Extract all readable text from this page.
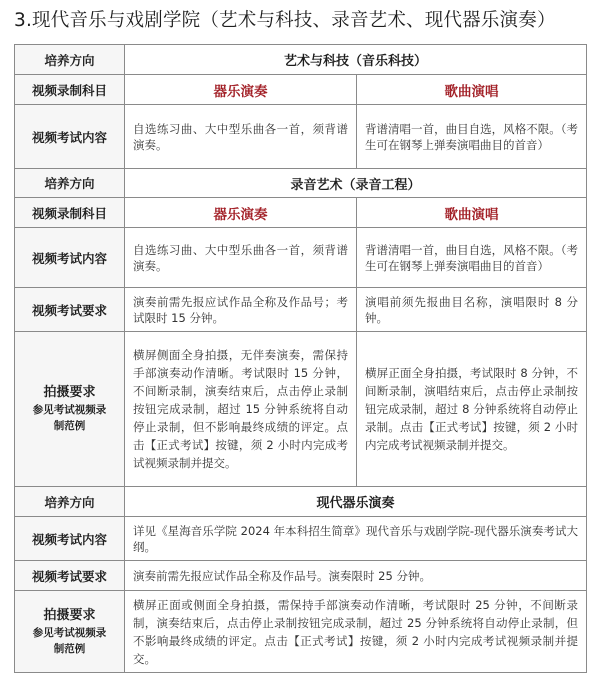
3.现代音乐与戏剧学院（艺术与科技、录音艺术、现代器乐演奏）
培养方向	艺术与科技（音乐科技）	
视频录制科目	器乐演奏	歌曲演唱
视频考试内容	自选练习曲、大中型乐曲各一首，须背谱演奏。	背谱清唱一首，曲目自选，风格不限。（考生可在钢琴上弹奏演唱曲目的首音）
培养方向	录音艺术（录音工程）	
视频录制科目	器乐演奏	歌曲演唱
视频考试内容	自选练习曲、大中型乐曲各一首，须背谱演奏。	背谱清唱一首，曲目自选，风格不限。（考生可在钢琴上弹奏演唱曲目的首音）
视频考试要求	演奏前需先报应试作品全称及作品号；考试限时 15 分钟。	演唱前须先报曲目名称，演唱限时 8 分钟。

拍摄要求
参见考试视频录
制范例	横屏侧面全身拍摄，无伴奏演奏，需保持手部演奏动作清晰。考试限时 15 分钟，不间断录制，演奏结束后，点击停止录制按钮完成录制，超过 15 分钟系统将自动停止录制，但不影响最终成绩的评定。点击【正式考试】按键，须 2 小时内完成考试视频录制并提交。	横屏正面全身拍摄，考试限时 8 分钟，不间断录制，演唱结束后，点击停止录制按钮完成录制，超过 8 分钟系统将自动停止录制。点击【正式考试】按键，须 2 小时内完成考试视频录制并提交。
培养方向	现代器乐演奏	
视频考试内容	详见《星海音乐学院 2024 年本科招生简章》现代音乐与戏剧学院-现代器乐演奏考试大纲。	
视频考试要求	演奏前需先报应试作品全称及作品号。演奏限时 25 分钟。	

拍摄要求
参见考试视频录
制范例	横屏正面或侧面全身拍摄，需保持手部演奏动作清晰，考试限时 25 分钟，不间断录制，演奏结束后，点击停止录制按钮完成录制，超过 25 分钟系统将自动停止录制，但不影响最终成绩的评定。点击【正式考试】按键，须 2 小时内完成考试视频录制并提交。	
